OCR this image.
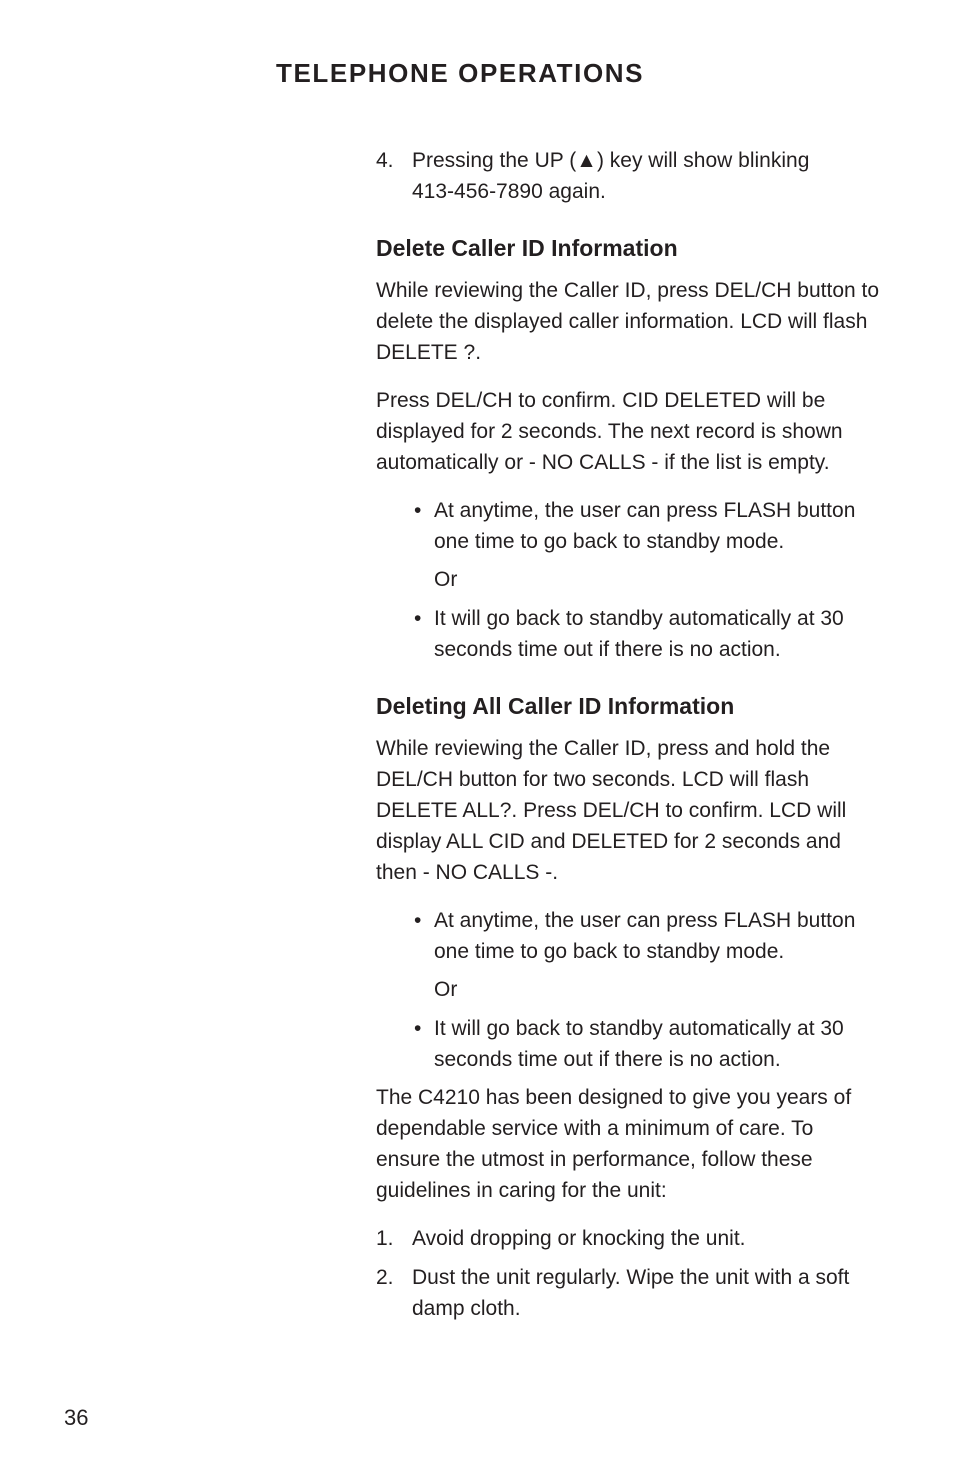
TELEPHONE OPERATIONS
4. Pressing the UP (▲) key will show blinking 413-456-7890 again.
Delete Caller ID Information

While reviewing the Caller ID, press DEL/CH button to delete the displayed caller information. LCD will flash DELETE ?.

Press DEL/CH to confirm. CID DELETED will be displayed for 2 seconds. The next record is shown automatically or - NO CALLS - if the list is empty.

• At anytime, the user can press FLASH button one time to go back to standby mode.
Or
• It will go back to standby automatically at 30 seconds time out if there is no action.
Deleting All Caller ID Information

While reviewing the Caller ID, press and hold the DEL/CH button for two seconds. LCD will flash DELETE ALL?. Press DEL/CH to confirm. LCD will display ALL CID and DELETED for 2 seconds and then - NO CALLS -.

• At anytime, the user can press FLASH button one time to go back to standby mode.
Or
• It will go back to standby automatically at 30 seconds time out if there is no action.

The C4210 has been designed to give you years of dependable service with a minimum of care. To ensure the utmost in performance, follow these guidelines in caring for the unit:

1. Avoid dropping or knocking the unit.
2. Dust the unit regularly. Wipe the unit with a soft damp cloth.
36
